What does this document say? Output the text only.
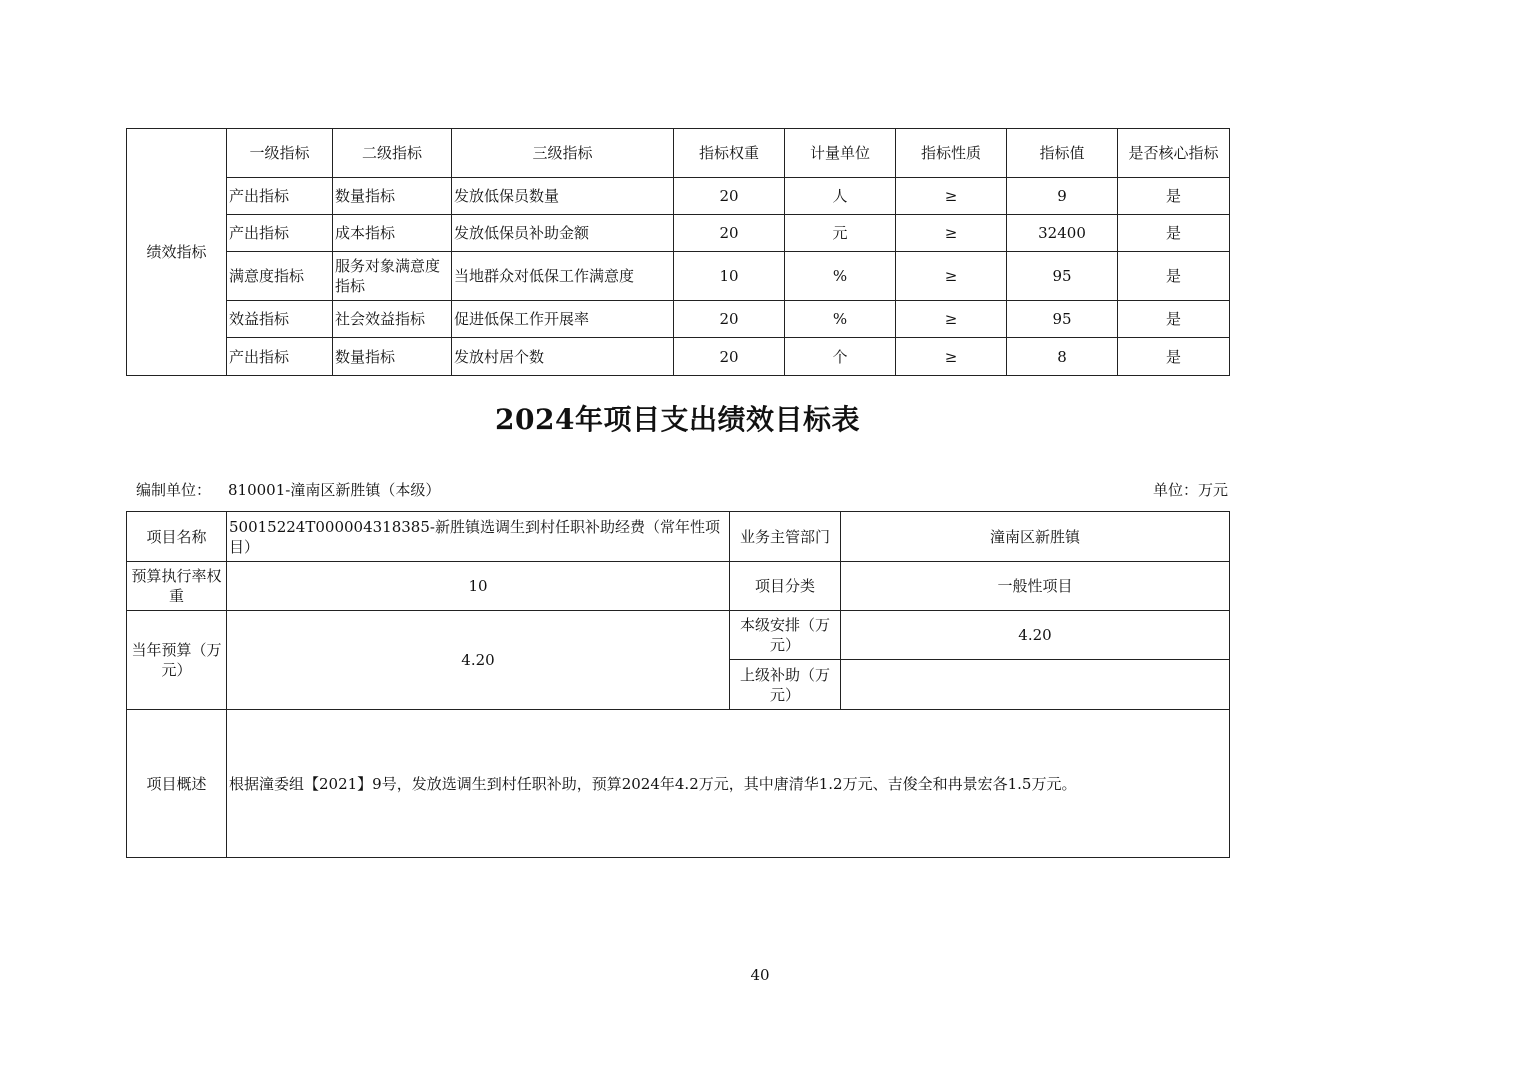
绩效指标	一级指标	二级指标	三级指标	指标权重	计量单位	指标性质	指标值	是否核心指标
	产出指标	数量指标	发放低保员数量	20	人	≥	9	是
	产出指标	成本指标	发放低保员补助金额	20	元	≥	32400	是
	满意度指标	服务对象满意度指标	当地群众对低保工作满意度	10	%	≥	95	是
	效益指标	社会效益指标	促进低保工作开展率	20	%	≥	95	是
	产出指标	数量指标	发放村居个数	20	个	≥	8	是
2024年项目支出绩效目标表
编制单位： 810001-潼南区新胜镇（本级）	单位：万元
项目名称	50015224T000004318385-新胜镇选调生到村任职补助经费（常年性项目）	业务主管部门	潼南区新胜镇
预算执行率权重	10	项目分类	一般性项目
当年预算（万元）	4.20	本级安排（万元）	4.20
		上级补助（万元）	
项目概述	根据潼委组【2021】9号，发放选调生到村任职补助，预算2024年4.2万元，其中唐清华1.2万元、吉俊全和冉景宏各1.5万元。		
40
